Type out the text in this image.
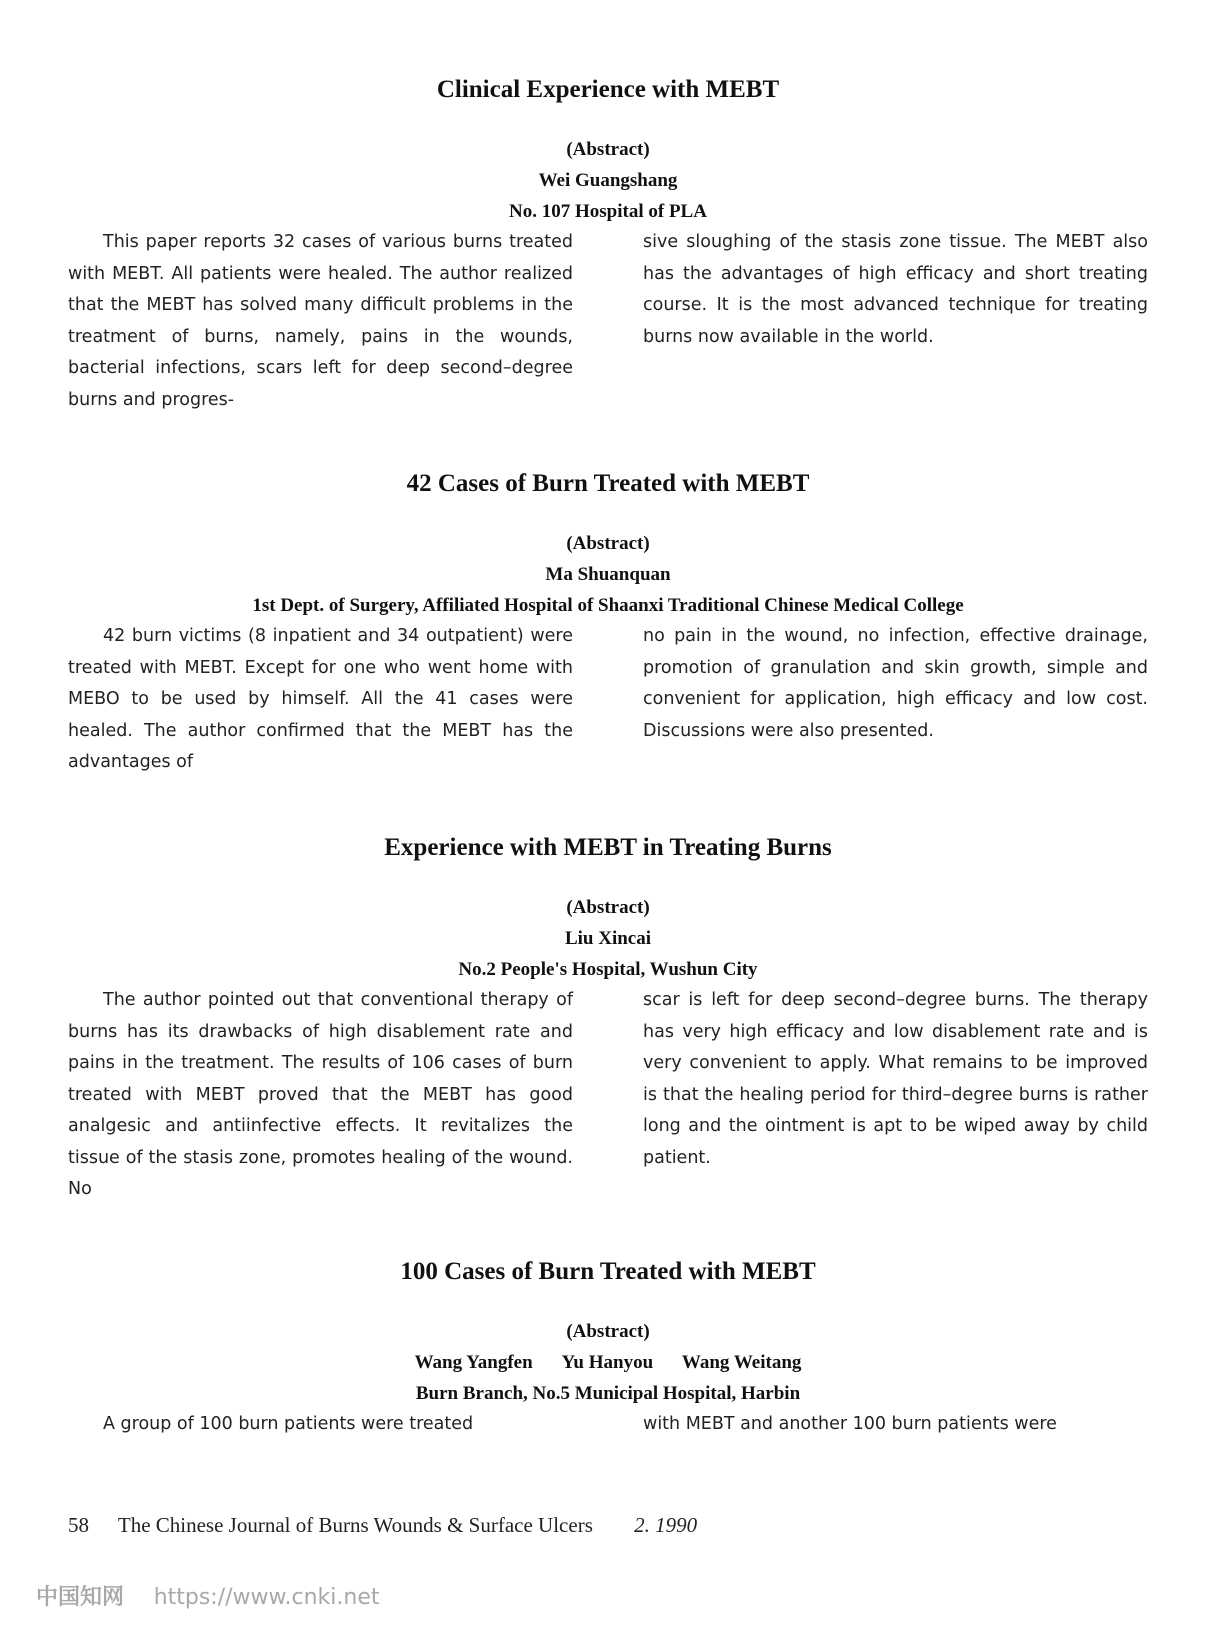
Clinical Experience with MEBT

(Abstract)

Wei Guangshang

No. 107 Hospital of PLA

This paper reports 32 cases of various burns treated with MEBT. All patients were healed. The author realized that the MEBT has solved many difficult problems in the treatment of burns, namely, pains in the wounds, bacterial infections, scars left for deep second–degree burns and progres-
sive sloughing of the stasis zone tissue. The MEBT also has the advantages of high efficacy and short treating course. It is the most advanced technique for treating burns now available in the world.
42 Cases of Burn Treated with MEBT

(Abstract)

Ma Shuanquan

1st Dept. of Surgery, Affiliated Hospital of Shaanxi Traditional Chinese Medical College

42 burn victims (8 inpatient and 34 outpatient) were treated with MEBT. Except for one who went home with MEBO to be used by himself. All the 41 cases were healed. The author confirmed that the MEBT has the advantages of
no pain in the wound, no infection, effective drainage, promotion of granulation and skin growth, simple and convenient for application, high efficacy and low cost. Discussions were also presented.
Experience with MEBT in Treating Burns

(Abstract)

Liu Xincai

No.2 People's Hospital, Wushun City

The author pointed out that conventional therapy of burns has its drawbacks of high disablement rate and pains in the treatment. The results of 106 cases of burn treated with MEBT proved that the MEBT has good analgesic and antiinfective effects. It revitalizes the tissue of the stasis zone, promotes healing of the wound. No
scar is left for deep second–degree burns. The therapy has very high efficacy and low disablement rate and is very convenient to apply. What remains to be improved is that the healing period for third–degree burns is rather long and the ointment is apt to be wiped away by child patient.
100 Cases of Burn Treated with MEBT

(Abstract)

Wang Yangfen Yu Hanyou Wang Weitang

Burn Branch, No.5 Municipal Hospital, Harbin

A group of 100 burn patients were treated	with MEBT and another 100 burn patients were
58 The Chinese Journal of Burns Wounds & Surface Ulcers 2. 1990
中国知网 https://www.cnki.net
